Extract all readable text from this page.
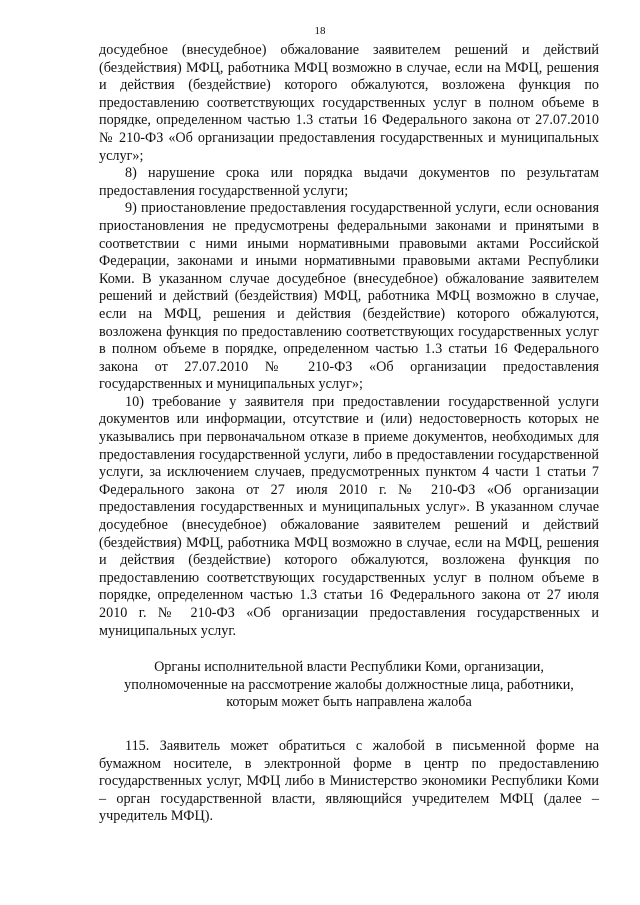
18

досудебное (внесудебное) обжалование заявителем решений и действий (бездействия) МФЦ, работника МФЦ возможно в случае, если на МФЦ, решения и действия (бездействие) которого обжалуются, возложена функция по предоставлению соответствующих государственных услуг в полном объеме в порядке, определенном частью 1.3 статьи 16 Федерального закона от 27.07.2010 № 210-ФЗ «Об организации предоставления государственных и муниципальных услуг»;

8) нарушение срока или порядка выдачи документов по результатам предоставления государственной услуги;

9) приостановление предоставления государственной услуги, если основания приостановления не предусмотрены федеральными законами и принятыми в соответствии с ними иными нормативными правовыми актами Российской Федерации, законами и иными нормативными правовыми актами Республики Коми. В указанном случае досудебное (внесудебное) обжалование заявителем решений и действий (бездействия) МФЦ, работника МФЦ возможно в случае, если на МФЦ, решения и действия (бездействие) которого обжалуются, возложена функция по предоставлению соответствующих государственных услуг в полном объеме в порядке, определенном частью 1.3 статьи 16 Федерального закона от 27.07.2010 № 210-ФЗ «Об организации предоставления государственных и муниципальных услуг»;

10) требование у заявителя при предоставлении государственной услуги документов или информации, отсутствие и (или) недостоверность которых не указывались при первоначальном отказе в приеме документов, необходимых для предоставления государственной услуги, либо в предоставлении государственной услуги, за исключением случаев, предусмотренных пунктом 4 части 1 статьи 7 Федерального закона от 27 июля 2010 г. № 210-ФЗ «Об организации предоставления государственных и муниципальных услуг». В указанном случае досудебное (внесудебное) обжалование заявителем решений и действий (бездействия) МФЦ, работника МФЦ возможно в случае, если на МФЦ, решения и действия (бездействие) которого обжалуются, возложена функция по предоставлению соответствующих государственных услуг в полном объеме в порядке, определенном частью 1.3 статьи 16 Федерального закона от 27 июля 2010 г. № 210-ФЗ «Об организации предоставления государственных и муниципальных услуг.

Органы исполнительной власти Республики Коми, организации,
уполномоченные на рассмотрение жалобы должностные лица, работники,
которым может быть направлена жалоба

115. Заявитель может обратиться с жалобой в письменной форме на бумажном носителе, в электронной форме в центр по предоставлению государственных услуг, МФЦ либо в Министерство экономики Республики Коми – орган государственной власти, являющийся учредителем МФЦ (далее – учредитель МФЦ).
